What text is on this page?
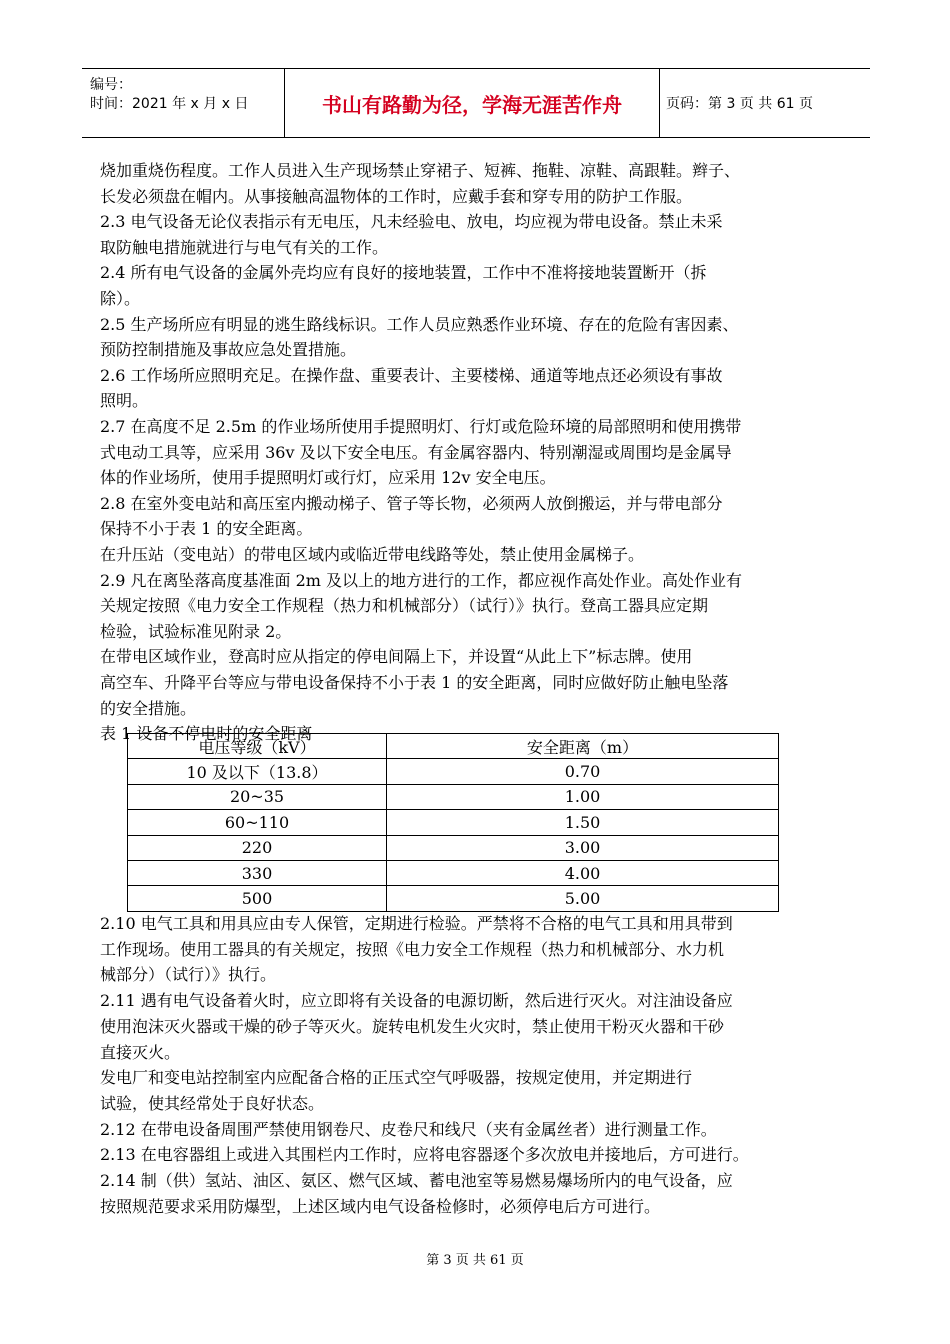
编号：
时间：2021 年 x 月 x 日	书山有路勤为径，学海无涯苦作舟	页码：第 3 页 共 61 页
烧加重烧伤程度。工作人员进入生产现场禁止穿裙子、短裤、拖鞋、凉鞋、高跟鞋。辫子、
长发必须盘在帽内。从事接触高温物体的工作时，应戴手套和穿专用的防护工作服。
2.3 电气设备无论仪表指示有无电压，凡未经验电、放电，均应视为带电设备。禁止未采
取防触电措施就进行与电气有关的工作。
2.4 所有电气设备的金属外壳均应有良好的接地装置，工作中不准将接地装置断开（拆
除）。
2.5 生产场所应有明显的逃生路线标识。工作人员应熟悉作业环境、存在的危险有害因素、
预防控制措施及事故应急处置措施。
2.6 工作场所应照明充足。在操作盘、重要表计、主要楼梯、通道等地点还必须设有事故
照明。
2.7 在高度不足 2.5m 的作业场所使用手提照明灯、行灯或危险环境的局部照明和使用携带
式电动工具等，应采用 36v 及以下安全电压。有金属容器内、特别潮湿或周围均是金属导
体的作业场所，使用手提照明灯或行灯，应采用 12v 安全电压。
2.8 在室外变电站和高压室内搬动梯子、管子等长物，必须两人放倒搬运，并与带电部分
保持不小于表 1 的安全距离。
在升压站（变电站）的带电区域内或临近带电线路等处，禁止使用金属梯子。
2.9 凡在离坠落高度基准面 2m 及以上的地方进行的工作，都应视作高处作业。高处作业有
关规定按照《电力安全工作规程（热力和机械部分）（试行）》执行。登高工器具应定期
检验，试验标准见附录 2。
在带电区域作业，登高时应从指定的停电间隔上下，并设置“从此上下”标志牌。使用
高空车、升降平台等应与带电设备保持不小于表 1 的安全距离，同时应做好防止触电坠落
的安全措施。
表 1 设备不停电时的安全距离
电压等级（kV）	安全距离（m）
10 及以下（13.8）	0.70
20~35	1.00
60~110	1.50
220	3.00
330	4.00
500	5.00
2.10 电气工具和用具应由专人保管，定期进行检验。严禁将不合格的电气工具和用具带到
工作现场。使用工器具的有关规定，按照《电力安全工作规程（热力和机械部分、水力机
械部分）（试行）》执行。
2.11 遇有电气设备着火时，应立即将有关设备的电源切断，然后进行灭火。对注油设备应
使用泡沫灭火器或干燥的砂子等灭火。旋转电机发生火灾时，禁止使用干粉灭火器和干砂
直接灭火。
发电厂和变电站控制室内应配备合格的正压式空气呼吸器，按规定使用，并定期进行
试验，使其经常处于良好状态。
2.12 在带电设备周围严禁使用钢卷尺、皮卷尺和线尺（夹有金属丝者）进行测量工作。
2.13 在电容器组上或进入其围栏内工作时，应将电容器逐个多次放电并接地后，方可进行。
2.14 制（供）氢站、油区、氨区、燃气区域、蓄电池室等易燃易爆场所内的电气设备，应
按照规范要求采用防爆型，上述区域内电气设备检修时，必须停电后方可进行。
第 3 页 共 61 页
